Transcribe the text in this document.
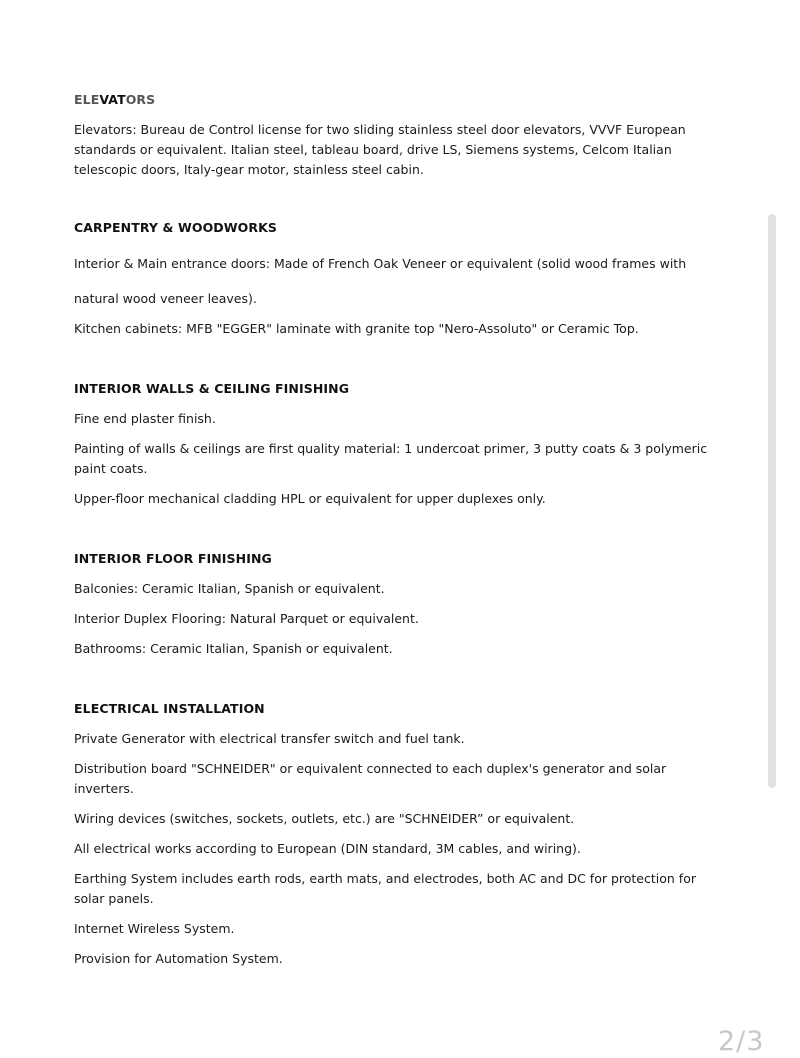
ELEVATORS

Elevators: Bureau de Control license for two sliding stainless steel door elevators, VVVF European standards or equivalent. Italian steel, tableau board, drive LS, Siemens systems, Celcom Italian telescopic doors, Italy-gear motor, stainless steel cabin.

CARPENTRY & WOODWORKS

Interior & Main entrance doors: Made of French Oak Veneer or equivalent (solid wood frames with

natural wood veneer leaves).

Kitchen cabinets: MFB "EGGER" laminate with granite top "Nero-Assoluto" or Ceramic Top.

INTERIOR WALLS & CEILING FINISHING

Fine end plaster finish.

Painting of walls & ceilings are first quality material: 1 undercoat primer, 3 putty coats & 3 polymeric paint coats.

Upper-floor mechanical cladding HPL or equivalent for upper duplexes only.

INTERIOR FLOOR FINISHING

Balconies: Ceramic Italian, Spanish or equivalent.

Interior Duplex Flooring: Natural Parquet or equivalent.

Bathrooms: Ceramic Italian, Spanish or equivalent.

ELECTRICAL INSTALLATION

Private Generator with electrical transfer switch and fuel tank.

Distribution board "SCHNEIDER" or equivalent connected to each duplex's generator and solar inverters.

Wiring devices (switches, sockets, outlets, etc.) are "SCHNEIDER” or equivalent.

All electrical works according to European (DIN standard, 3M cables, and wiring).

Earthing System includes earth rods, earth mats, and electrodes, both AC and DC for protection for solar panels.

Internet Wireless System.

Provision for Automation System.

2/3
